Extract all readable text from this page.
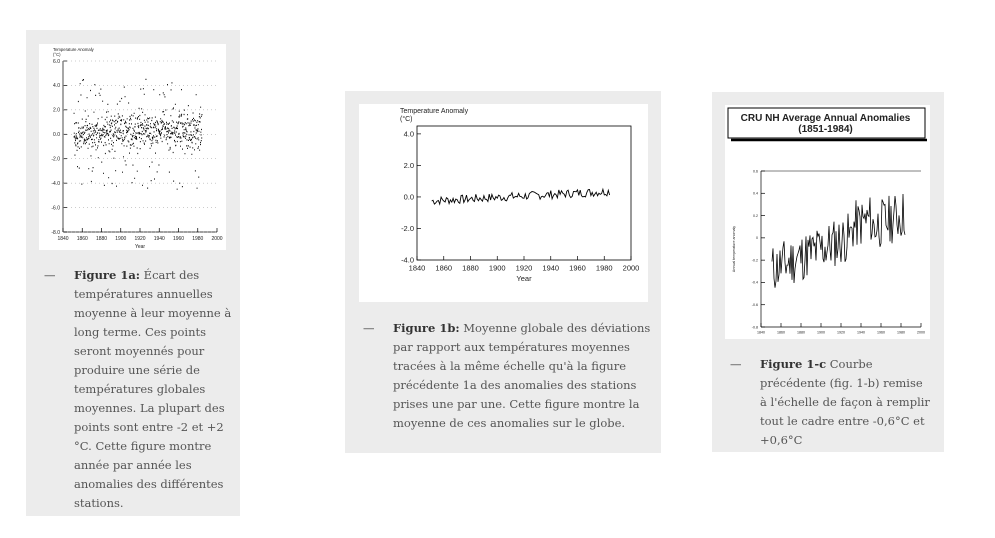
Temperature Anomaly
(°C)
6.0
4.0
2.0
0.0
-2.0
-4.0
-6.0
-8.0
1840 1860 1880 1900 1920 1940 1960 1980 2000
Year
— Figure 1a: Écart des températures annuelles moyenne à leur moyenne à long terme. Ces points seront moyennés pour produire une série de températures globales moyennes. La plupart des points sont entre -2 et +2 °C. Cette figure montre année par année les anomalies des différentes stations.
Temperature Anomaly
(°C)
4.0
2.0
0.0
-2.0
-4.0
1840 1860 1880 1900 1920 1940 1960 1980 2000
Year
— Figure 1b: Moyenne globale des déviations par rapport aux températures moyennes tracées à la même échelle qu'à la figure précédente 1a des anomalies des stations prises une par une. Cette figure montre la moyenne de ces anomalies sur le globe.
CRU NH Average Annual Anomalies
(1851-1984)
0.6
0.4
0.2
0
-0.2
-0.4
-0.6
-0.8
1840	1860	1880	1900	1920	1940	1960	1980	2000
Annual temperature anomaly
— Figure 1-c Courbe précédente (fig. 1-b) remise à l'échelle de façon à remplir tout le cadre entre -0,6°C et +0,6°C
